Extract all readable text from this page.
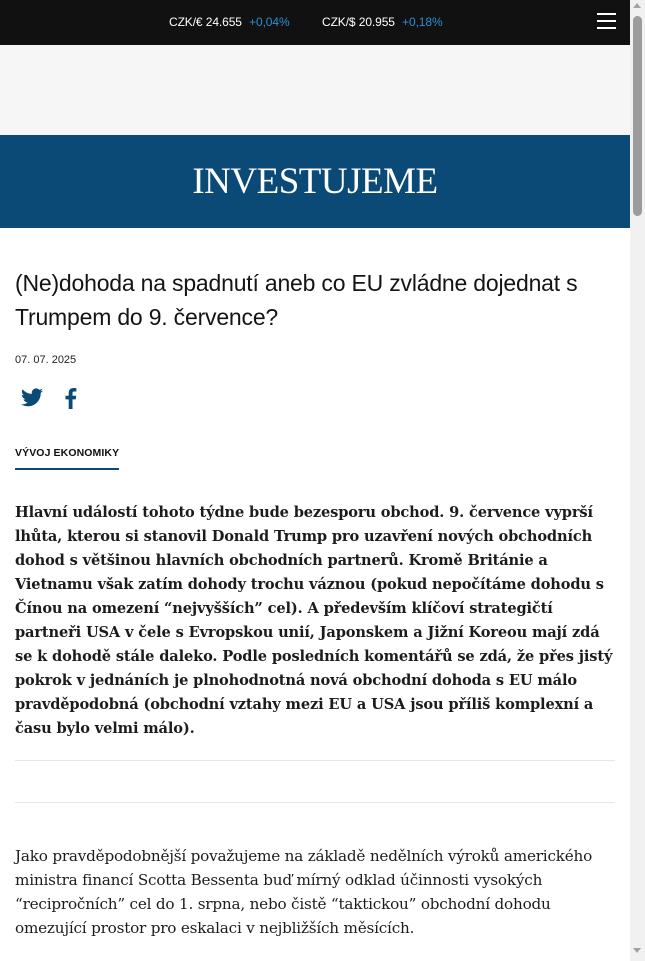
CZK/€ 24.655 +0,04%	CZK/$ 20.955 +0,18%
INVESTUJEME
(Ne)dohoda na spadnutí aneb co EU zvládne dojednat s Trumpem do 9. července?
07. 07. 2025
VÝVOJ EKONOMIKY

Hlavní událostí tohoto týdne bude bezesporu obchod. 9. července vyprší lhůta, kterou si stanovil Donald Trump pro uzavření nových obchodních dohod s většinou hlavních obchodních partnerů. Kromě Británie a Vietnamu však zatím dohody trochu váznou (pokud nepočítáme dohodu s Čínou na omezení “nejvyšších” cel). A především klíčoví strategičtí partneři USA v čele s Evropskou unií, Japonskem a Jižní Koreou mají zdá se k dohodě stále daleko. Podle posledních komentářů se zdá, že přes jistý pokrok v jednáních je plnohodnotná nová obchodní dohoda s EU málo pravděpodobná (obchodní vztahy mezi EU a USA jsou příliš komplexní a času bylo velmi málo).

Jako pravděpodobnější považujeme na základě nedělních výroků amerického ministra financí Scotta Bessenta buď mírný odklad účinnosti vysokých “recipročních” cel do 1. srpna, nebo čistě “taktickou” obchodní dohodu omezující prostor pro eskalaci v nejbližších měsících.
